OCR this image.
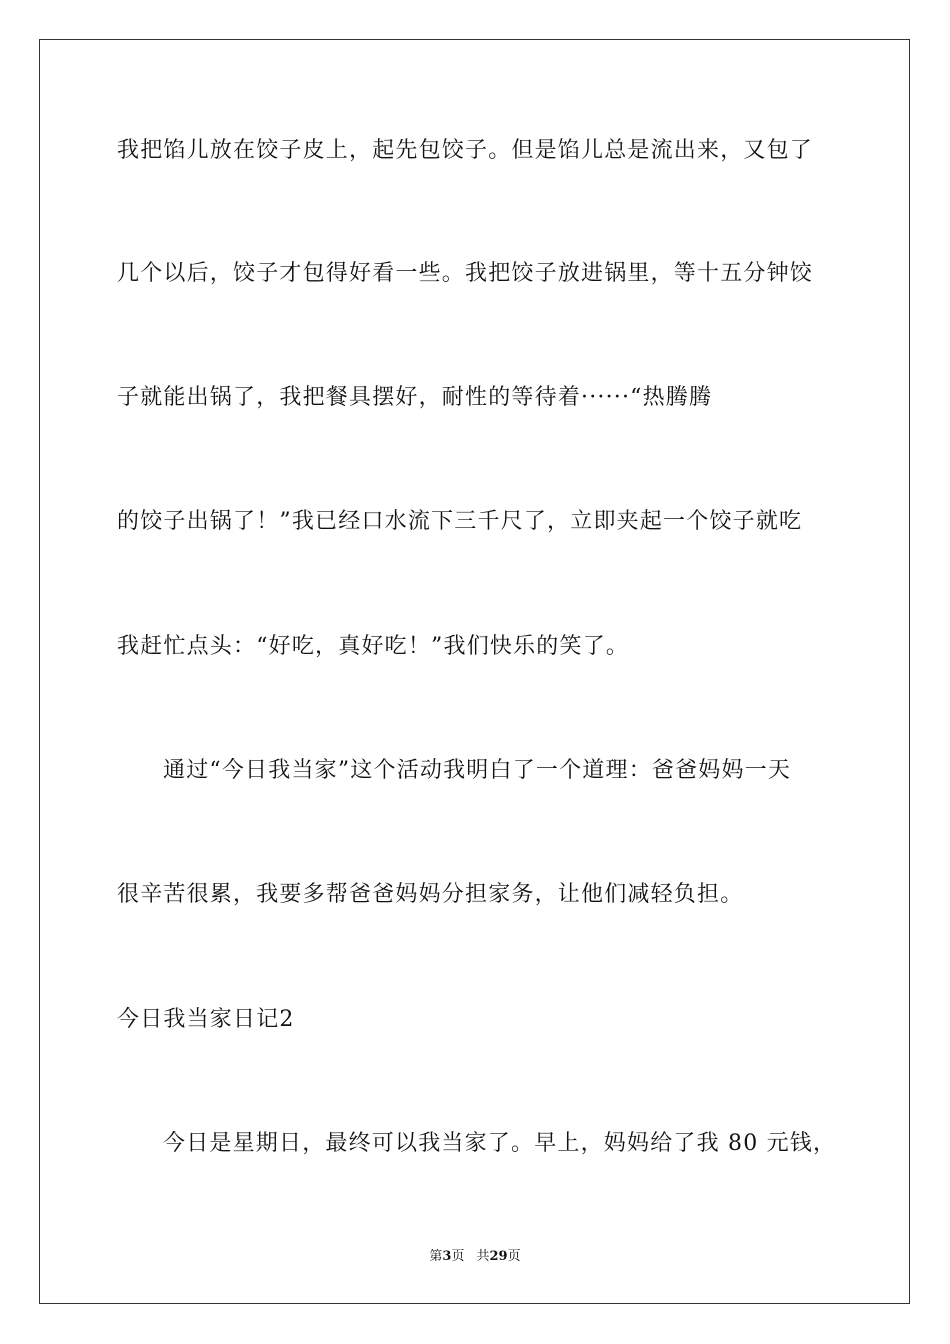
我把馅儿放在饺子皮上，起先包饺子。但是馅儿总是流出来，又包了
几个以后，饺子才包得好看一些。我把饺子放进锅里，等十五分钟饺
子就能出锅了，我把餐具摆好，耐性的等待着······“热腾腾
的饺子出锅了！”我已经口水流下三千尺了，立即夹起一个饺子就吃
我赶忙点头：“好吃，真好吃！”我们快乐的笑了。
通过“今日我当家”这个活动我明白了一个道理：爸爸妈妈一天
很辛苦很累，我要多帮爸爸妈妈分担家务，让他们减轻负担。
今日我当家日记2
今日是星期日，最终可以我当家了。早上，妈妈给了我 80 元钱，
第3页 共29页
